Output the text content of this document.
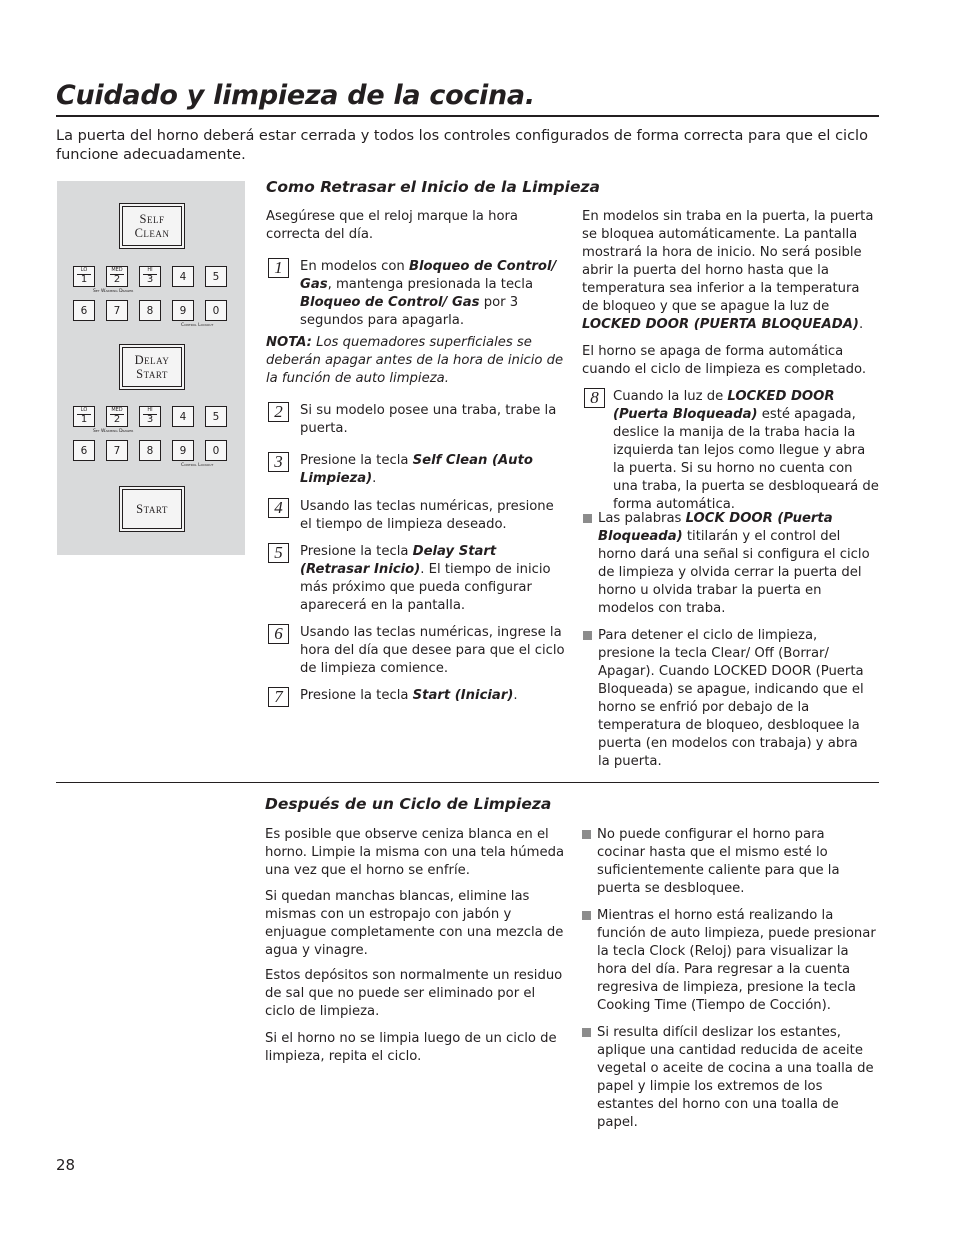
Cuidado y limpieza de la cocina.

La puerta del horno deberá estar cerrada y todos los controles configurados de forma correcta para que el ciclo funcione adecuadamente.

Self
Clean
LO
1
MED
2
HI
3	4	5
Set Warming Drawer
6	7	8	9	0
Control Lockout
Delay
Start
LO
1
MED
2
HI
3	4	5
Set Warming Drawer
6	7	8	9	0
Control Lockout
Start
Como Retrasar el Inicio de la Limpieza

Asegúrese que el reloj marque la hora correcta del día.

1	En modelos con Bloqueo de Control/ Gas, mantenga presionada la tecla Bloqueo de Control/ Gas por 3 segundos para apagarla.

NOTA: Los quemadores superficiales se deberán apagar antes de la hora de inicio de la función de auto limpieza.

2	Si su modelo posee una traba, trabe la puerta.

3	Presione la tecla Self Clean (Auto Limpieza).

4	Usando las teclas numéricas, presione el tiempo de limpieza deseado.

5	Presione la tecla Delay Start (Retrasar Inicio). El tiempo de inicio más próximo que pueda configurar aparecerá en la pantalla.

6	Usando las teclas numéricas, ingrese la hora del día que desee para que el ciclo de limpieza comience.

7	Presione la tecla Start (Iniciar).

En modelos sin traba en la puerta, la puerta se bloquea automáticamente. La pantalla mostrará la hora de inicio. No será posible abrir la puerta del horno hasta que la temperatura sea inferior a la temperatura de bloqueo y que se apague la luz de LOCKED DOOR (PUERTA BLOQUEADA).

El horno se apaga de forma automática cuando el ciclo de limpieza es completado.

8	Cuando la luz de LOCKED DOOR (Puerta Bloqueada) esté apagada, deslice la manija de la traba hacia la izquierda tan lejos como llegue y abra la puerta. Si su horno no cuenta con una traba, la puerta se desbloqueará de forma automática.

Las palabras LOCK DOOR (Puerta Bloqueada) titilarán y el control del horno dará una señal si configura el ciclo de limpieza y olvida cerrar la puerta del horno u olvida trabar la puerta en modelos con traba.

Para detener el ciclo de limpieza, presione la tecla Clear/ Off (Borrar/ Apagar). Cuando LOCKED DOOR (Puerta Bloqueada) se apague, indicando que el horno se enfrió por debajo de la temperatura de bloqueo, desbloquee la puerta (en modelos con trabaja) y abra la puerta.

Después de un Ciclo de Limpieza

Es posible que observe ceniza blanca en el horno. Limpie la misma con una tela húmeda una vez que el horno se enfríe.

Si quedan manchas blancas, elimine las mismas con un estropajo con jabón y enjuague completamente con una mezcla de agua y vinagre.

Estos depósitos son normalmente un residuo de sal que no puede ser eliminado por el ciclo de limpieza.

Si el horno no se limpia luego de un ciclo de limpieza, repita el ciclo.

No puede configurar el horno para cocinar hasta que el mismo esté lo suficientemente caliente para que la puerta se desbloquee.

Mientras el horno está realizando la función de auto limpieza, puede presionar la tecla Clock (Reloj) para visualizar la hora del día. Para regresar a la cuenta regresiva de limpieza, presione la tecla Cooking Time (Tiempo de Cocción).

Si resulta difícil deslizar los estantes, aplique una cantidad reducida de aceite vegetal o aceite de cocina a una toalla de papel y limpie los extremos de los estantes del horno con una toalla de papel.

28
